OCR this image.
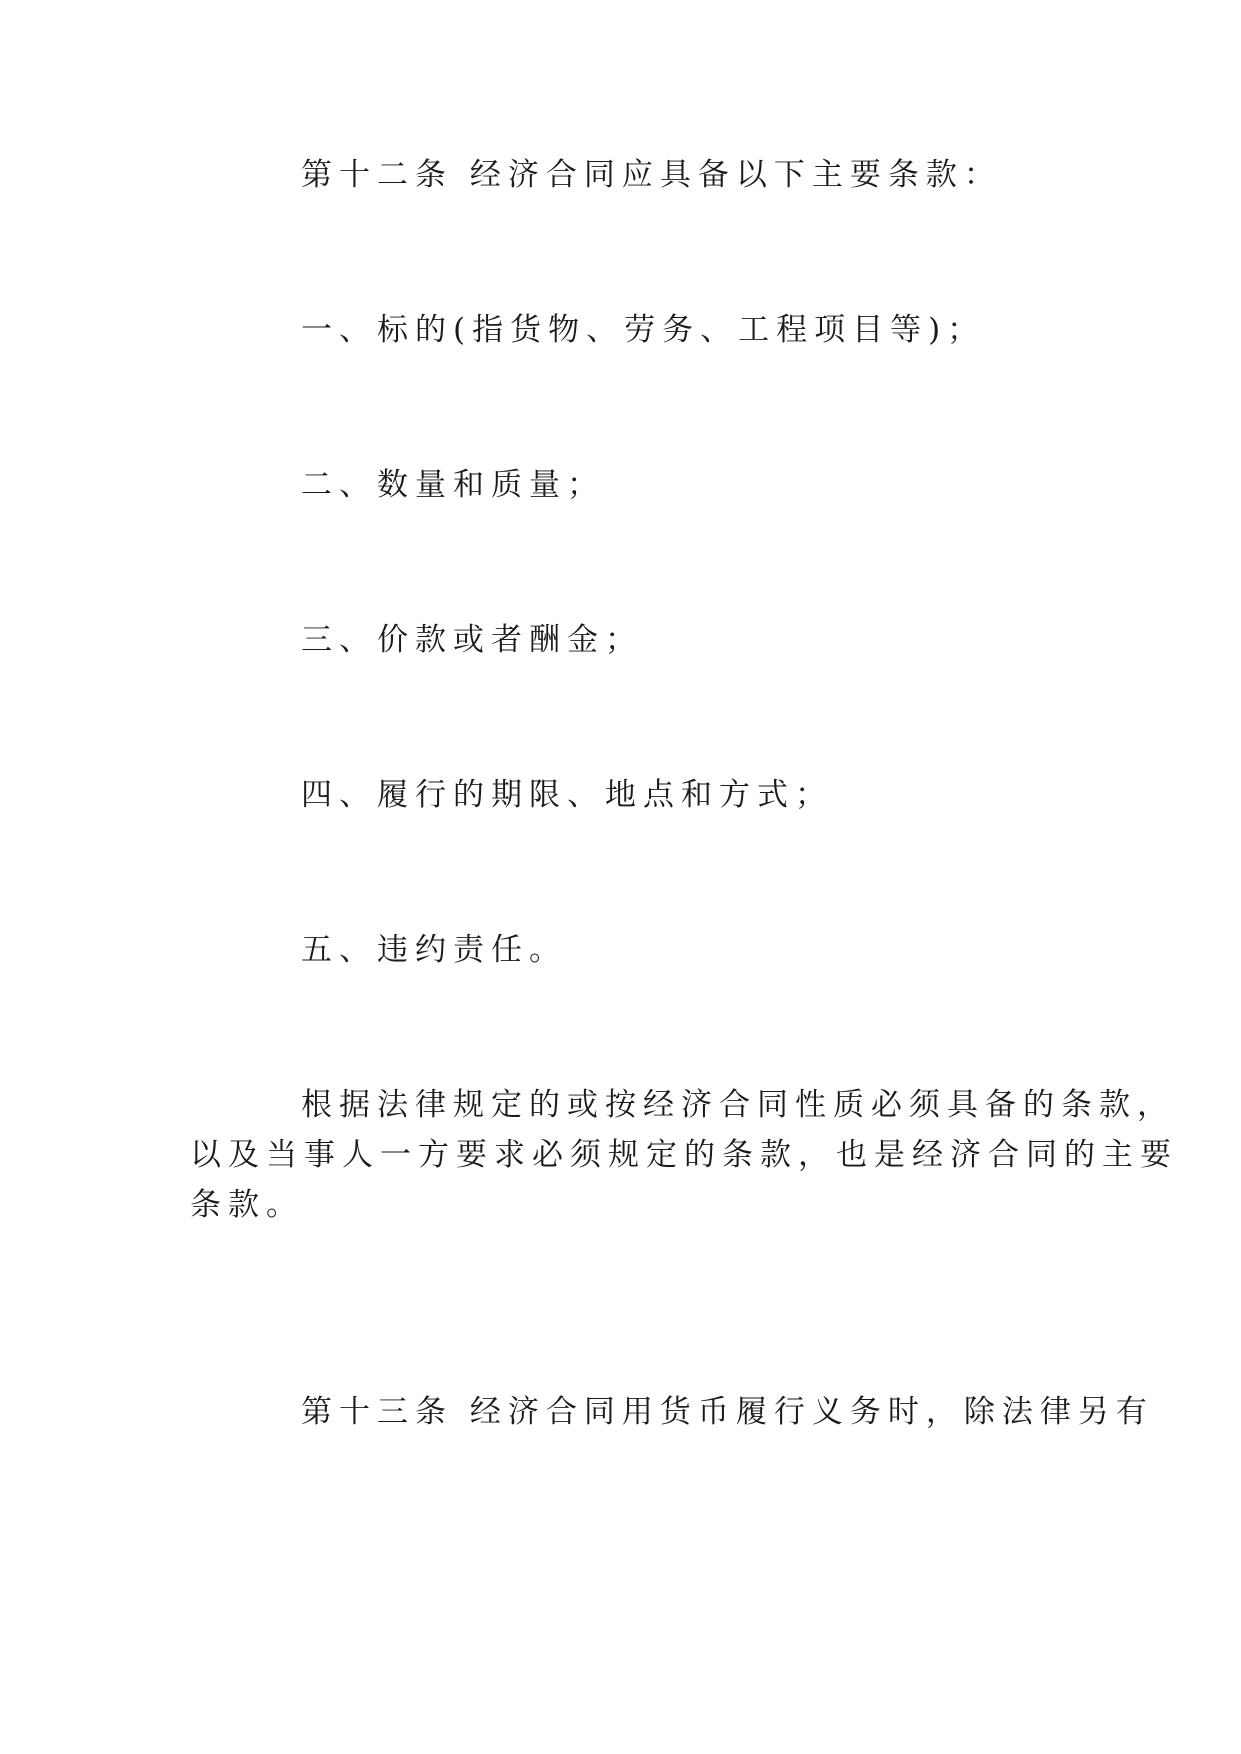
第十二条 经济合同应具备以下主要条款：

一、标的(指货物、劳务、工程项目等)；

二、数量和质量；

三、价款或者酬金；

四、履行的期限、地点和方式；

五、违约责任。

根据法律规定的或按经济合同性质必须具备的条款，
以及当事人一方要求必须规定的条款，也是经济合同的主要
条款。

第十三条 经济合同用货币履行义务时，除法律另有
